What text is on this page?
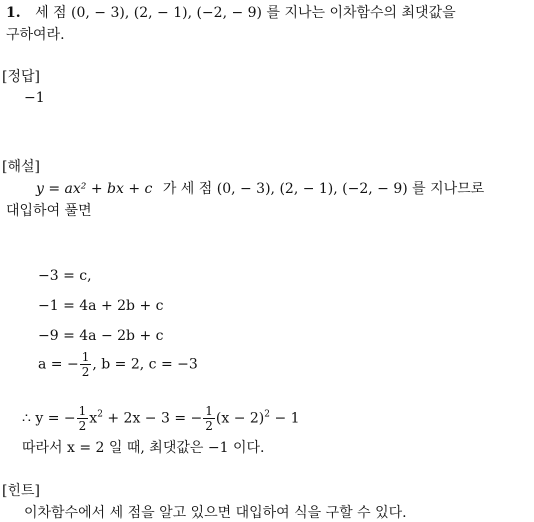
1. 세 점 (0, − 3), (2, − 1), (−2, − 9) 를 지나는 이차함수의 최댓값을
구하여라.
[정답]
−1
[해설]
y = ax² + bx + c 가 세 점 (0, − 3), (2, − 1), (−2, − 9) 를 지나므로
대입하여 풀면
−3 = c,
−1 = 4a + 2b + c
−9 = 4a − 2b + c
a = − $\frac{1}{2}$ , b = 2, c = −3
∴ y = − $\frac{1}{2} x^2 + 2x - 3$ = − $\frac{1}{2} (x - 2)^2 - 1$
따라서 x = 2 일 때, 최댓값은 −1 이다.
[힌트]
이차함수에서 세 점을 알고 있으면 대입하여 식을 구할 수 있다.
